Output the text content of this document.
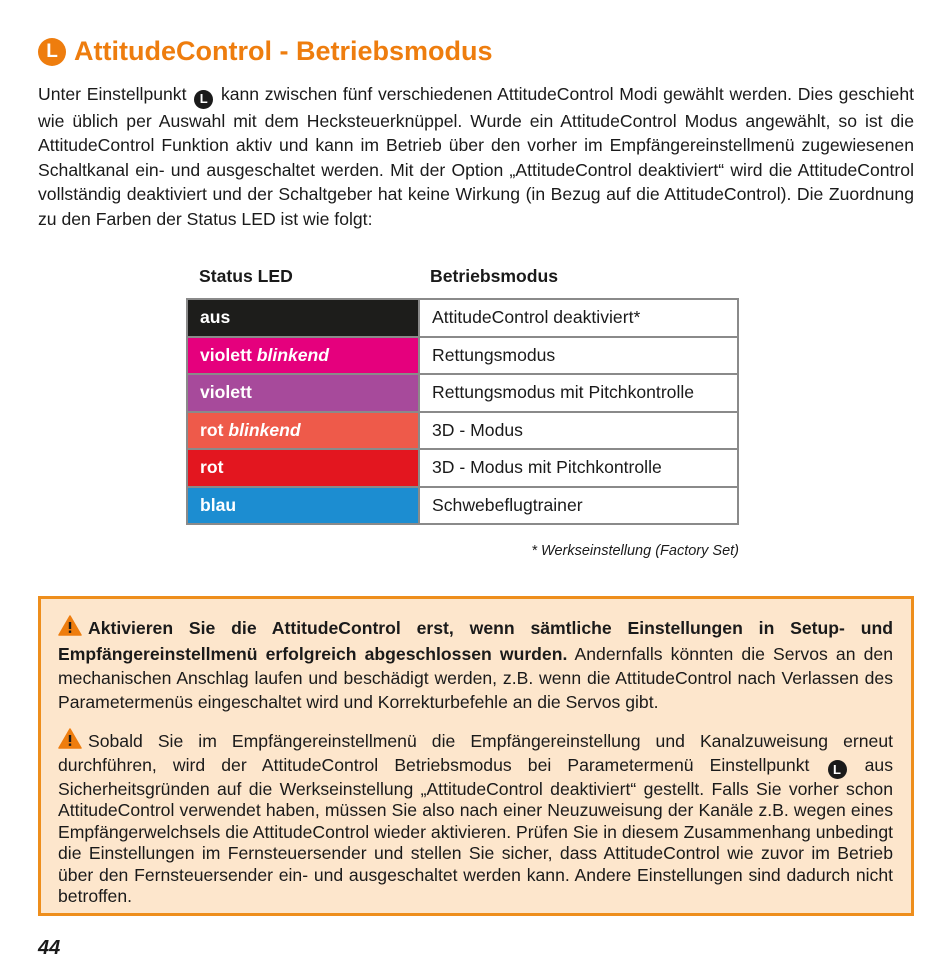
L AttitudeControl - Betriebsmodus

Unter Einstellpunkt L kann zwischen fünf verschiedenen AttitudeControl Modi gewählt werden. Dies geschieht wie üblich per Auswahl mit dem Hecksteuerknüppel. Wurde ein AttitudeControl Modus angewählt, so ist die AttitudeControl Funktion aktiv und kann im Betrieb über den vorher im Empfängereinstellmenü zugewiesenen Schaltkanal ein- und ausgeschaltet werden. Mit der Option „AttitudeControl deaktiviert“ wird die AttitudeControl vollständig deaktiviert und der Schaltgeber hat keine Wirkung (in Bezug auf die AttitudeControl). Die Zuordnung zu den Farben der Status LED ist wie folgt:

Status LED	Betriebsmodus
aus	AttitudeControl deaktiviert*
violett blinkend	Rettungsmodus
violett	Rettungsmodus mit Pitchkontrolle
rot blinkend	3D - Modus
rot	3D - Modus mit Pitchkontrolle
blau	Schwebeflugtrainer
* Werkseinstellung (Factory Set)

Aktivieren Sie die AttitudeControl erst, wenn sämtliche Einstellungen in Setup- und Empfängereinstellmenü erfolgreich abgeschlossen wurden. Andernfalls könnten die Servos an den mechanischen Anschlag laufen und beschädigt werden, z.B. wenn die AttitudeControl nach Verlassen des Parametermenüs eingeschaltet wird und Korrekturbefehle an die Servos gibt.

Sobald Sie im Empfängereinstellmenü die Empfängereinstellung und Kanalzuweisung erneut durchführen, wird der AttitudeControl Betriebsmodus bei Parametermenü Einstellpunkt L aus Sicherheitsgründen auf die Werkseinstellung „AttitudeControl deaktiviert“ gestellt. Falls Sie vorher schon AttitudeControl verwendet haben, müssen Sie also nach einer Neuzuweisung der Kanäle z.B. wegen eines Empfängerwelchsels die AttitudeControl wieder aktivieren. Prüfen Sie in diesem Zusammenhang unbedingt die Einstellungen im Fernsteuersender und stellen Sie sicher, dass AttitudeControl wie zuvor im Betrieb über den Fernsteuersender ein- und ausgeschaltet werden kann. Andere Einstellungen sind dadurch nicht betroffen.

44
